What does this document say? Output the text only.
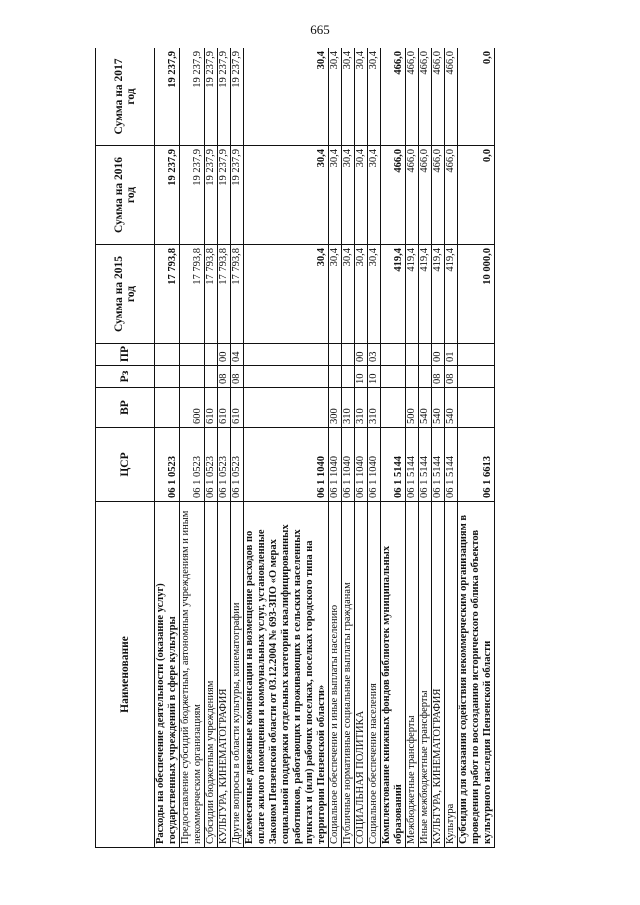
665
Наименование	ЦСР	ВР	Рз	ПР	Сумма на 2015 год	Сумма на 2016 год	Сумма на 2017 год
Расходы на обеспечение деятельности (оказание услуг) государственных учреждений в сфере культуры	06 1 0523				17 793,8	19 237,9	19 237,9
Предоставление субсидий бюджетным, автономным учреждениям и иным некоммерческим организациям	06 1 0523	600			17 793,8	19 237,9	19 237,9
Субсидии бюджетным учреждениям	06 1 0523	610			17 793,8	19 237,9	19 237,9
КУЛЬТУРА, КИНЕМАТОГРАФИЯ	06 1 0523	610	08	00	17 793,8	19 237,9	19 237,9
Другие вопросы в области культуры, кинематографии	06 1 0523	610	08	04	17 793,8	19 237,9	19 237,9
Ежемесячные денежные компенсации на возмещение расходов по оплате жилого помещения и коммунальных услуг, установленные Законом Пензенской области от 03.12.2004 № 693-ЗПО «О мерах социальной поддержки отдельных категорий квалифицированных работников, работающих и проживающих в сельских населенных пунктах и (или) рабочих поселках, поселках городского типа на территории Пензенской области»	06 1 1040				30,4	30,4	30,4
Социальное обеспечение и иные выплаты населению	06 1 1040	300			30,4	30,4	30,4
Публичные нормативные социальные выплаты гражданам	06 1 1040	310			30,4	30,4	30,4
СОЦИАЛЬНАЯ ПОЛИТИКА	06 1 1040	310	10	00	30,4	30,4	30,4
Социальное обеспечение населения	06 1 1040	310	10	03	30,4	30,4	30,4
Комплектование книжных фондов библиотек муниципальных образований	06 1 5144				419,4	466,0	466,0
Межбюджетные трансферты	06 1 5144	500			419,4	466,0	466,0
Иные межбюджетные трансферты	06 1 5144	540			419,4	466,0	466,0
КУЛЬТУРА, КИНЕМАТОГРАФИЯ	06 1 5144	540	08	00	419,4	466,0	466,0
Культура	06 1 5144	540	08	01	419,4	466,0	466,0
Субсидии для оказания содействия некоммерческим организациям в проведении работ по воссозданию исторического облика объектов культурного наследия Пензенской области	06 1 6613				10 000,0	0,0	0,0
